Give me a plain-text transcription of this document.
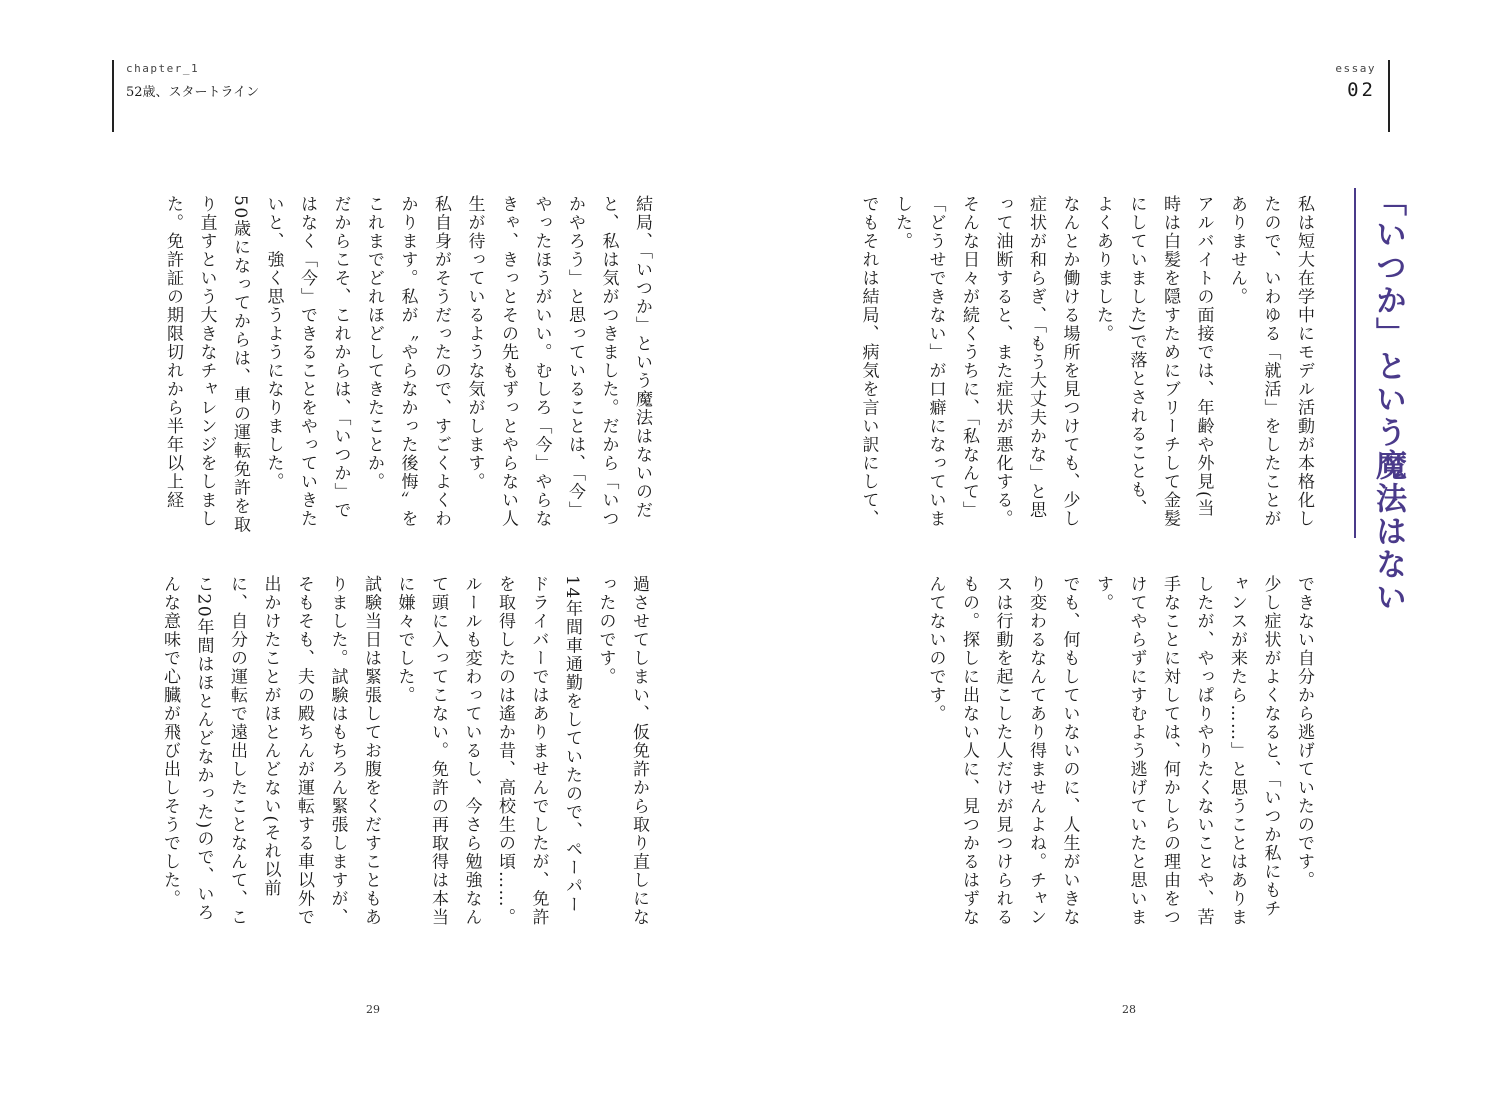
chapter_1
52歳、スタートライン

結局、「いつか」という魔法はないのだと、私は気がつきました。だから「いつかやろう」と思っていることは、「今」やったほうがいい。むしろ「今」やらなきゃ、きっとその先もずっとやらない人生が待っているような気がします。

私自身がそうだったので、すごくよくわかります。私が〝やらなかった後悔〟をこれまでどれほどしてきたことか。

だからこそ、これからは、「いつか」ではなく「今」できることをやっていきたいと、強く思うようになりました。

50歳になってからは、車の運転免許を取り直すという大きなチャレンジをしました。免許証の期限切れから半年以上経

過させてしまい、仮免許から取り直しになったのです。

14年間車通勤をしていたので、ペーパードライバーではありませんでしたが、免許を取得したのは遙か昔、高校生の頃……。ルールも変わっているし、今さら勉強なんて頭に入ってこない。免許の再取得は本当に嫌々でした。

試験当日は緊張してお腹をくだすこともありました。試験はもちろん緊張しますが、そもそも、夫の殿ちんが運転する車以外で出かけたことがほとんどない(それ以前に、自分の運転で遠出したことなんて、ここ20年間はほとんどなかった)ので、いろんな意味で心臓が飛び出しそうでした。

29
essay
02
「いつか」という魔法はない

私は短大在学中にモデル活動が本格化したので、いわゆる「就活」をしたことがありません。

アルバイトの面接では、年齢や外見(当時は白髪を隠すためにブリーチして金髪にしていました)で落とされることも、よくありました。

なんとか働ける場所を見つけても、少し症状が和らぎ、「もう大丈夫かな」と思って油断すると、また症状が悪化する。そんな日々が続くうちに、「私なんて」「どうせできない」が口癖になっていました。

でもそれは結局、病気を言い訳にして、

できない自分から逃げていたのです。

少し症状がよくなると、「いつか私にもチャンスが来たら……」と思うことはありましたが、やっぱりやりたくないことや、苦手なことに対しては、何かしらの理由をつけてやらずにすむよう逃げていたと思います。

でも、何もしていないのに、人生がいきなり変わるなんてあり得ませんよね。チャンスは行動を起こした人だけが見つけられるもの。探しに出ない人に、見つかるはずなんてないのです。

28
